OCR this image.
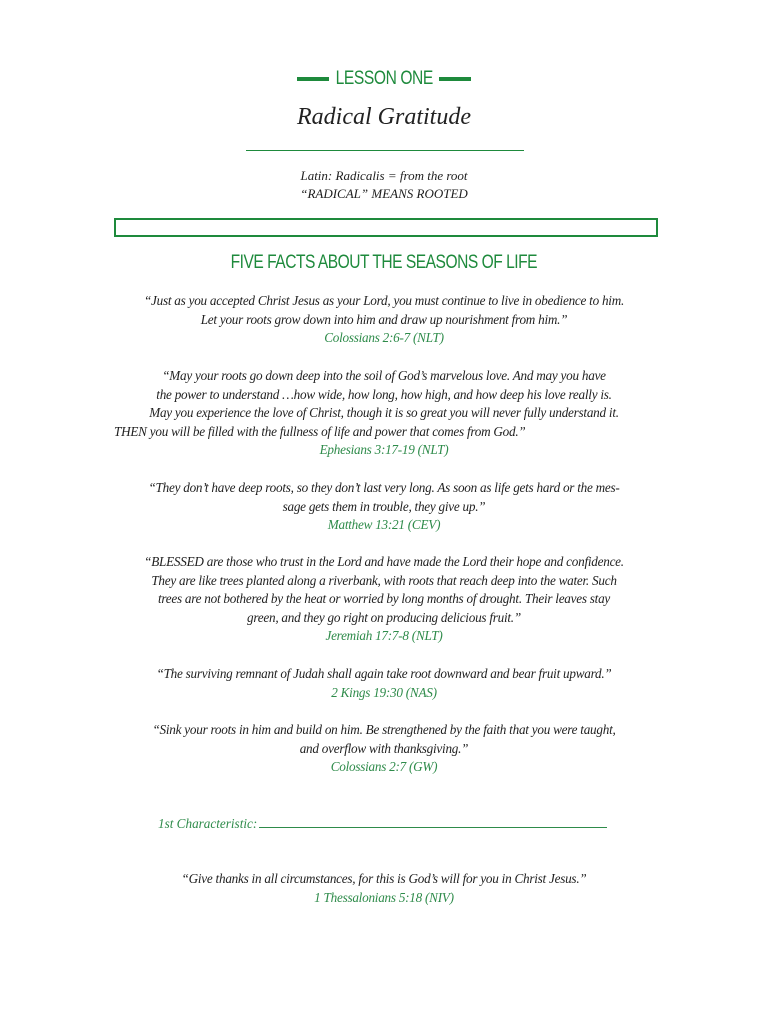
LESSON ONE
Radical Gratitude
Latin: Radicalis = from the root
“RADICAL” MEANS ROOTED
FIVE FACTS ABOUT THE SEASONS OF LIFE
“Just as you accepted Christ Jesus as your Lord, you must continue to live in obedience to him.
Let your roots grow down into him and draw up nourishment from him.”
Colossians 2:6-7 (NLT)
“May your roots go down deep into the soil of God’s marvelous love. And may you have
the power to understand …how wide, how long, how high, and how deep his love really is.
May you experience the love of Christ, though it is so great you will never fully understand it.
THEN you will be filled with the fullness of life and power that comes from God.”
Ephesians 3:17-19 (NLT)
“They don’t have deep roots, so they don’t last very long. As soon as life gets hard or the mes-
sage gets them in trouble, they give up.”
Matthew 13:21 (CEV)
“BLESSED are those who trust in the Lord and have made the Lord their hope and confidence.
They are like trees planted along a riverbank, with roots that reach deep into the water. Such
trees are not bothered by the heat or worried by long months of drought. Their leaves stay
green, and they go right on producing delicious fruit.”
Jeremiah 17:7-8 (NLT)
“The surviving remnant of Judah shall again take root downward and bear fruit upward.”
2 Kings 19:30 (NAS)
“Sink your roots in him and build on him. Be strengthened by the faith that you were taught,
and overflow with thanksgiving.”
Colossians 2:7 (GW)
1st Characteristic:
“Give thanks in all circumstances, for this is God’s will for you in Christ Jesus.”
1 Thessalonians 5:18 (NIV)
